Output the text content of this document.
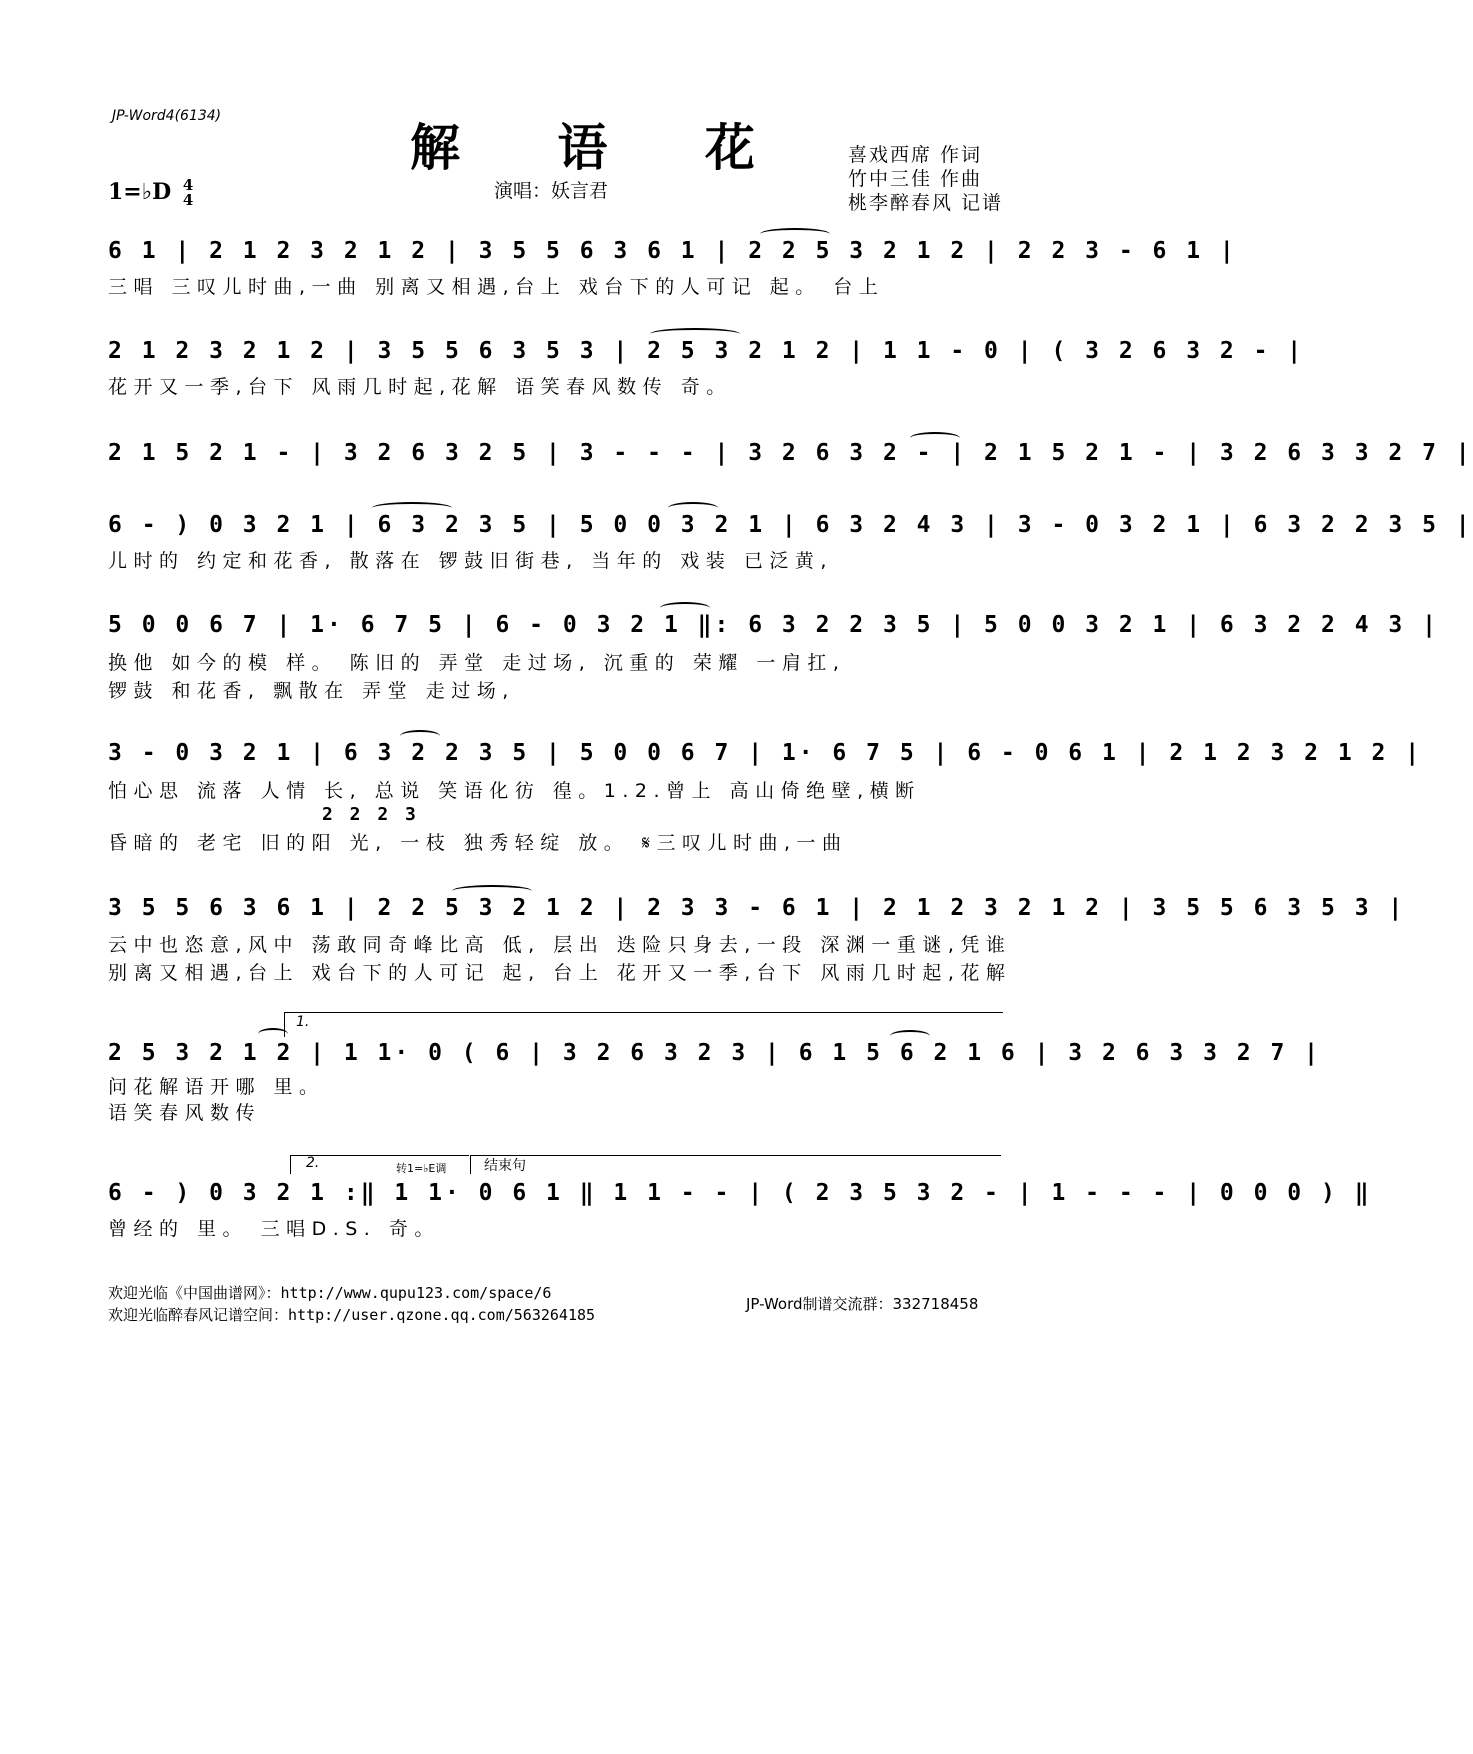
JP-Word4(6134)
解 语 花	喜戏西席 作词
竹中三佳 作曲
桃李醉春风 记谱
1=♭D 4
4	演唱：妖言君
6 1 | 2 1 2 3 2 1 2 | 3 5 5 6 3 6 1 | 2 2 5 3 2 1 2 | 2 2 3 - 6 1 |
三唱 三叹儿时曲,一曲 别离又相遇,台上 戏台下的人可记 起。 台上
2 1 2 3 2 1 2 | 3 5 5 6 3 5 3 | 2 5 3 2 1 2 | 1 1 - 0 | ( 3 2 6 3 2 - |
花开又一季,台下 风雨几时起,花解 语笑春风数传 奇。
2 1 5 2 1 - | 3 2 6 3 2 5 | 3 - - - | 3 2 6 3 2 - | 2 1 5 2 1 - | 3 2 6 3 3 2 7 |
6 - ) 0 3 2 1 | 6 3 2 3 5 | 5 0 0 3 2 1 | 6 3 2 4 3 | 3 - 0 3 2 1 | 6 3 2 2 3 5 |
儿时的 约定和花香, 散落在 锣鼓旧街巷, 当年的 戏装 已泛黄,
5 0 0 6 7 | 1· 6 7 5 | 6 - 0 3 2 1 ‖: 6 3 2 2 3 5 | 5 0 0 3 2 1 | 6 3 2 2 4 3 |
换他 如今的模 样。 陈旧的 弄堂 走过场, 沉重的 荣耀 一肩扛,
锣鼓 和花香, 飘散在 弄堂 走过场,
3 - 0 3 2 1 | 6 3 2 2 3 5 | 5 0 0 6 7 | 1· 6 7 5 | 6 - 0 6 1 | 2 1 2 3 2 1 2 |
怕心思 流落 人情 长, 总说 笑语化彷 徨。1.2.曾上 高山倚绝壁,横断
2 2 2 3
昏暗的 老宅 旧的阳 光, 一枝 独秀轻绽 放。 𝄋三叹儿时曲,一曲
3 5 5 6 3 6 1 | 2 2 5 3 2 1 2 | 2 3 3 - 6 1 | 2 1 2 3 2 1 2 | 3 5 5 6 3 5 3 |
云中也恣意,风中 荡敢同奇峰比高 低, 层出 迭险只身去,一段 深渊一重谜,凭谁
别离又相遇,台上 戏台下的人可记 起, 台上 花开又一季,台下 风雨几时起,花解
1.
2 5 3 2 1 2 | 1 1· 0 ( 6 | 3 2 6 3 2 3 | 6 1 5 6 2 1 6 | 3 2 6 3 3 2 7 |
问花解语开哪 里。
语笑春风数传
2.	转1=♭E调	结束句
6 - ) 0 3 2 1 :‖ 1 1· 0 6 1 ‖ 1 1 - - | ( 2 3 5 3 2 - | 1 - - - | 0 0 0 ) ‖
曾经的 里。 三唱D.S. 奇。
欢迎光临《中国曲谱网》：http://www.qupu123.com/space/6
欢迎光临醉春风记谱空间：http://user.qzone.qq.com/563264185
JP-Word制谱交流群：332718458
